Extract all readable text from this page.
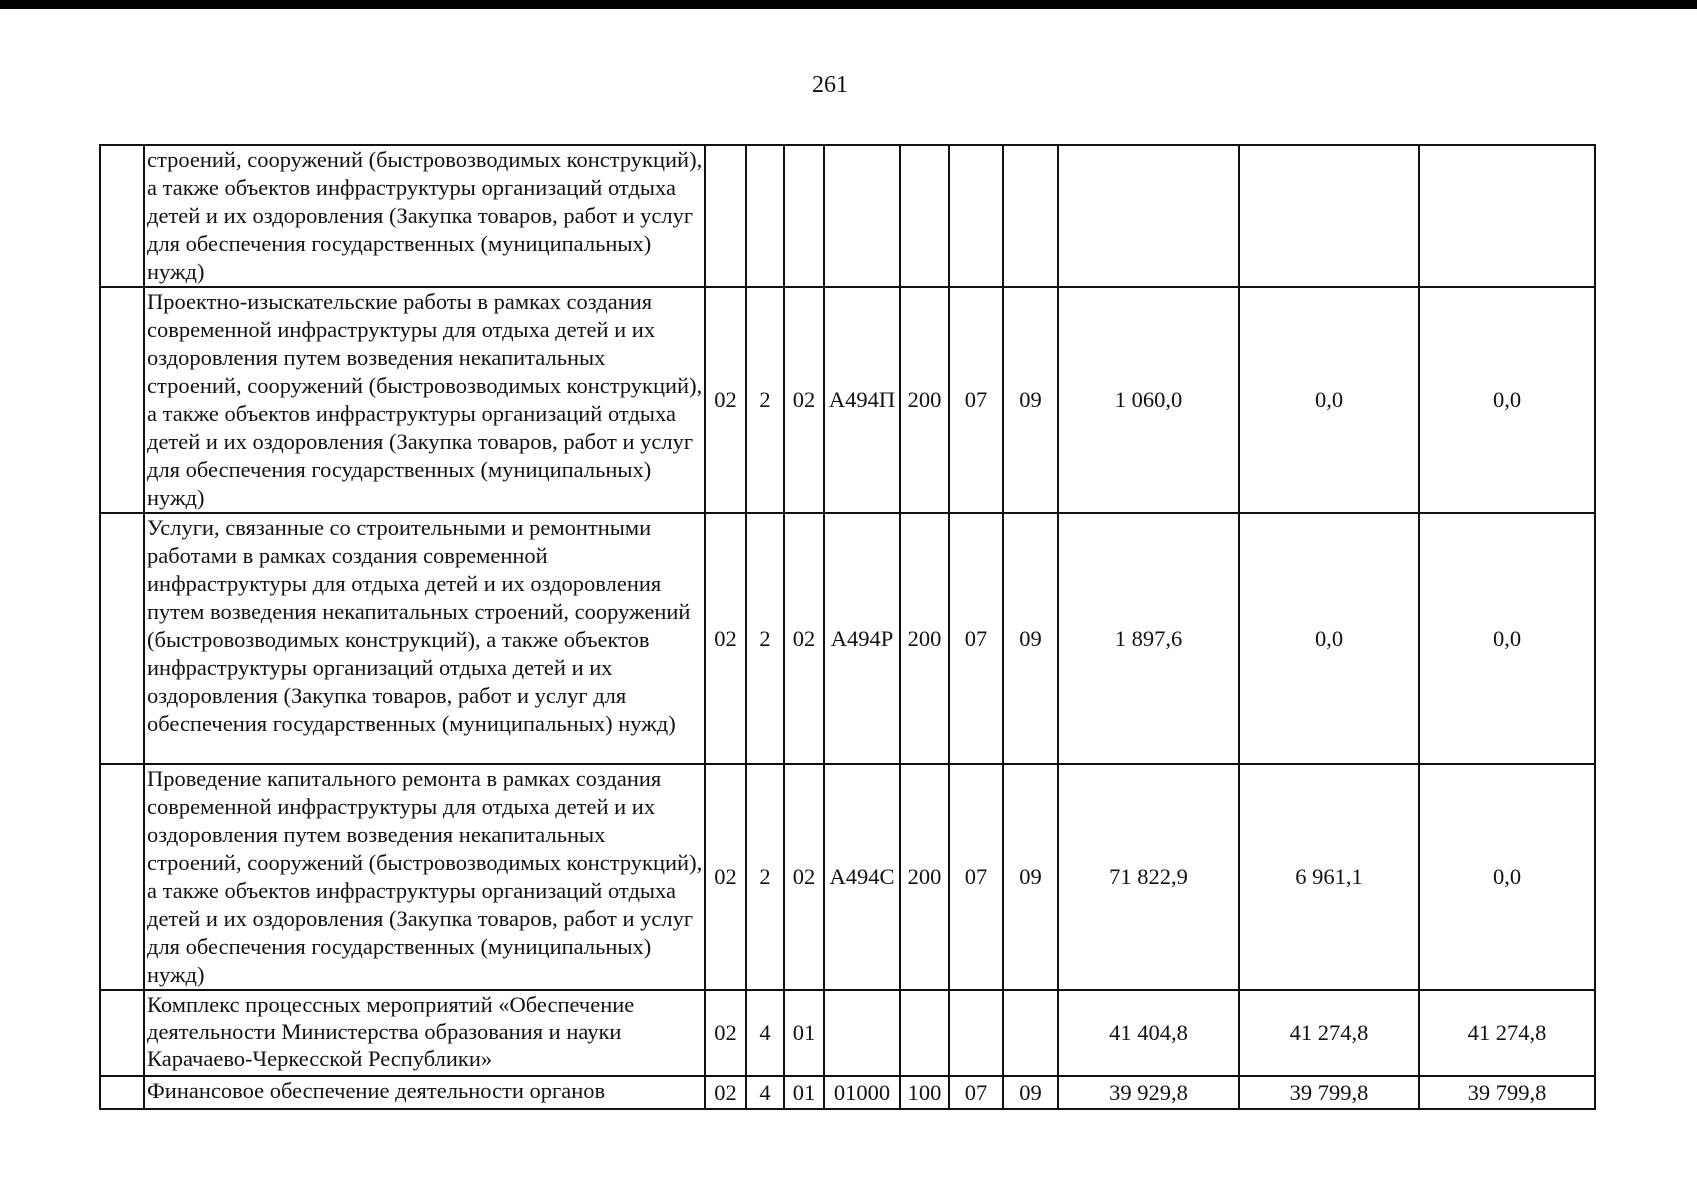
261
	строений, сооружений (быстровозводимых конструкций), а также объектов инфраструктуры организаций отдыха детей и их оздоровления (Закупка товаров, работ и услуг для обеспечения государственных (муниципальных) нужд)										
	Проектно-изыскательские работы в рамках создания современной инфраструктуры для отдыха детей и их оздоровления путем возведения некапитальных строений, сооружений (быстровозводимых конструкций), а также объектов инфраструктуры организаций отдыха детей и их оздоровления (Закупка товаров, работ и услуг для обеспечения государственных (муниципальных) нужд)	02	2	02	А494П	200	07	09	1 060,0	0,0	0,0
	Услуги, связанные со строительными и ремонтными работами в рамках создания современной инфраструктуры для отдыха детей и их оздоровления путем возведения некапитальных строений, сооружений (быстровозводимых конструкций), а также объектов инфраструктуры организаций отдыха детей и их оздоровления (Закупка товаров, работ и услуг для обеспечения государственных (муниципальных) нужд)	02	2	02	А494Р	200	07	09	1 897,6	0,0	0,0
	Проведение капитального ремонта в рамках создания современной инфраструктуры для отдыха детей и их оздоровления путем возведения некапитальных строений, сооружений (быстровозводимых конструкций), а также объектов инфраструктуры организаций отдыха детей и их оздоровления (Закупка товаров, работ и услуг для обеспечения государственных (муниципальных) нужд)	02	2	02	А494С	200	07	09	71 822,9	6 961,1	0,0
	Комплекс процессных мероприятий «Обеспечение деятельности Министерства образования и науки Карачаево-Черкесской Республики»	02	4	01					41 404,8	41 274,8	41 274,8
	Финансовое обеспечение деятельности органов	02	4	01	01000	100	07	09	39 929,8	39 799,8	39 799,8
